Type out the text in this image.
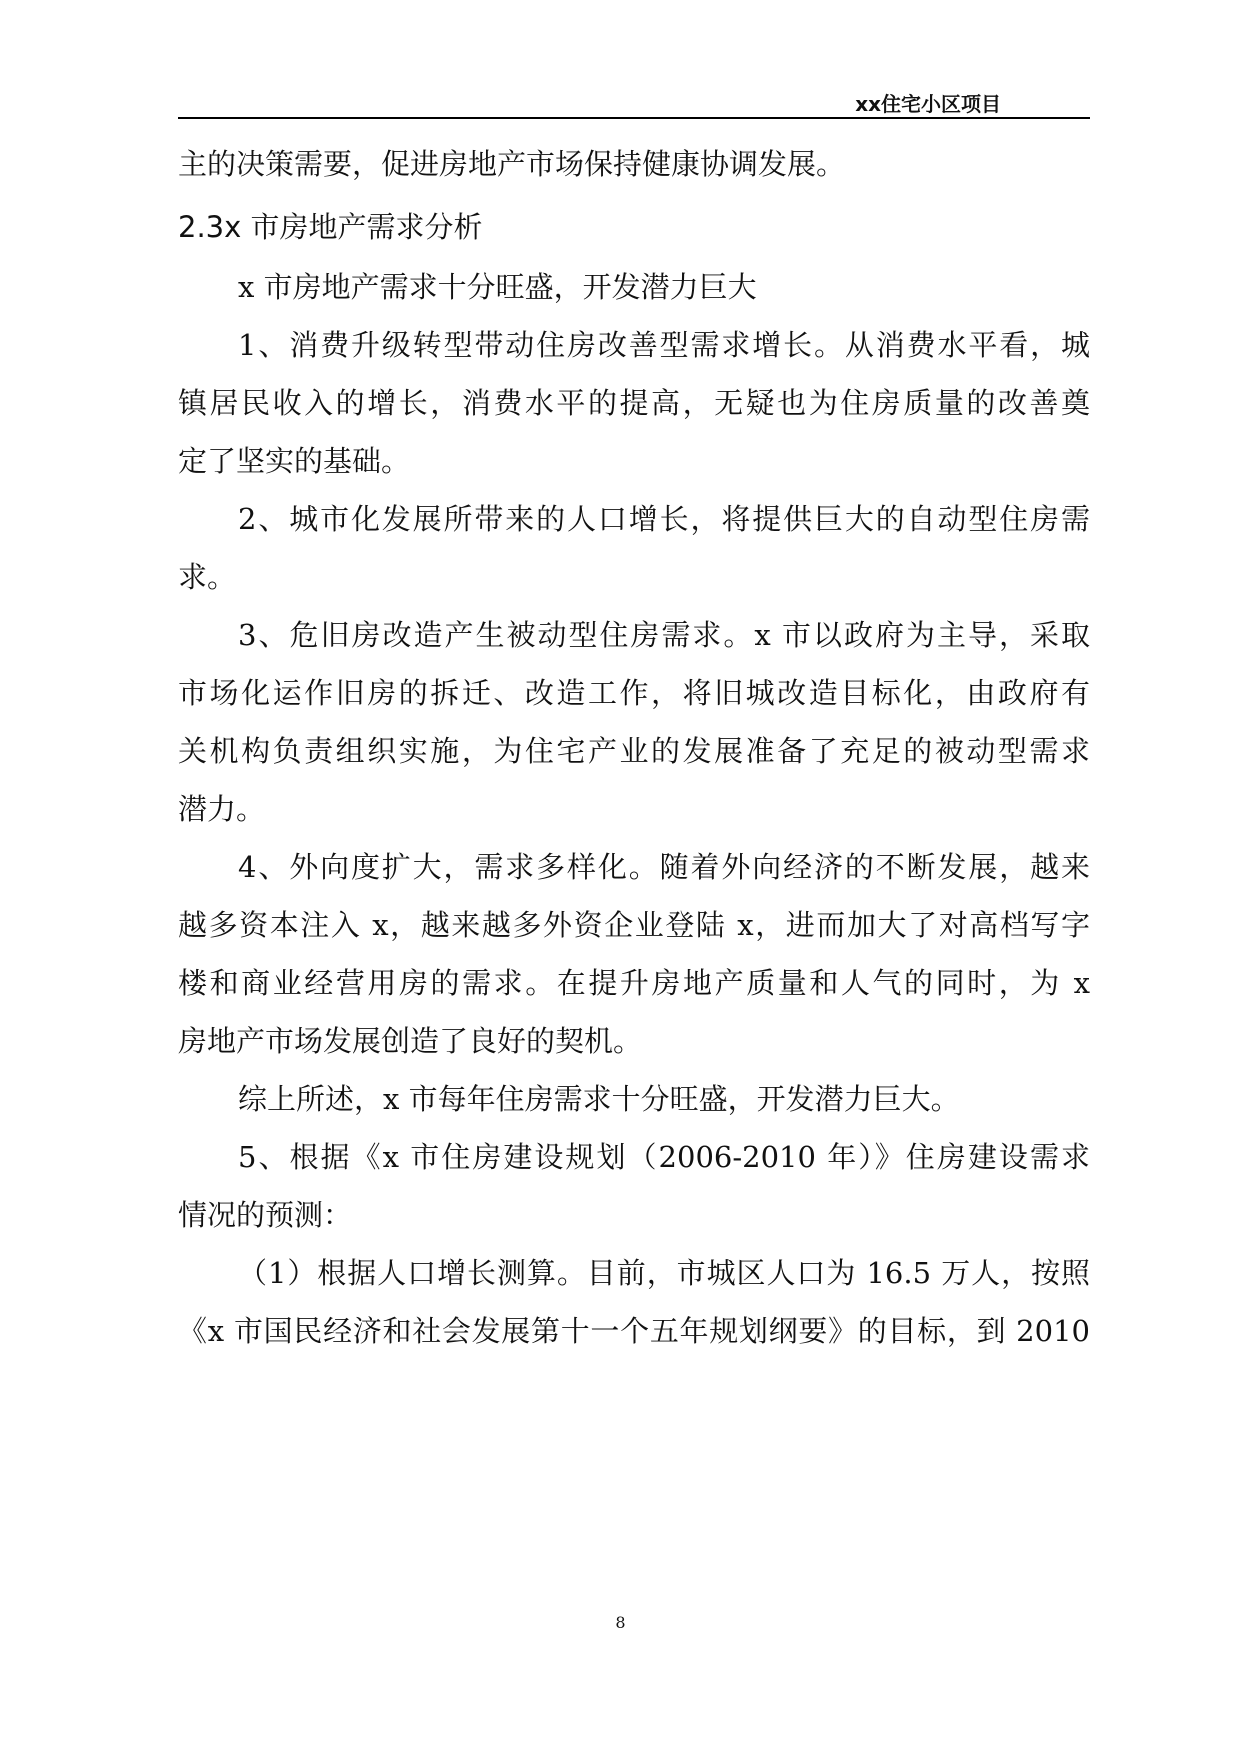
xx住宅小区项目
主的决策需要，促进房地产市场保持健康协调发展。
2.3x 市房地产需求分析
x 市房地产需求十分旺盛，开发潜力巨大
1、消费升级转型带动住房改善型需求增长。从消费水平看，城
镇居民收入的增长，消费水平的提高，无疑也为住房质量的改善奠
定了坚实的基础。
2、城市化发展所带来的人口增长，将提供巨大的自动型住房需
求。
3、危旧房改造产生被动型住房需求。x 市以政府为主导，采取
市场化运作旧房的拆迁、改造工作，将旧城改造目标化，由政府有
关机构负责组织实施，为住宅产业的发展准备了充足的被动型需求
潜力。
4、外向度扩大，需求多样化。随着外向经济的不断发展，越来
越多资本注入 x，越来越多外资企业登陆 x，进而加大了对高档写字
楼和商业经营用房的需求。在提升房地产质量和人气的同时，为 x
房地产市场发展创造了良好的契机。
综上所述，x 市每年住房需求十分旺盛，开发潜力巨大。
5、根据《x 市住房建设规划（2006-2010 年）》住房建设需求
情况的预测：
（1）根据人口增长测算。目前，市城区人口为 16.5 万人，按照
《x 市国民经济和社会发展第十一个五年规划纲要》的目标，到 2010
8
